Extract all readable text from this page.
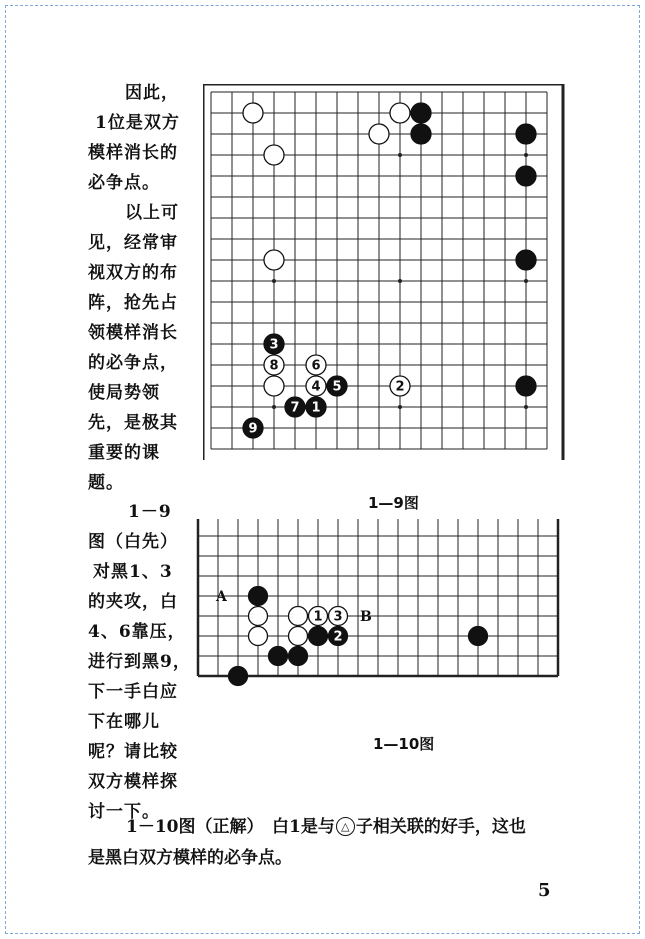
因此，
1位是双方
模样消长的
必争点。
以上可
见，经常审
视双方的布
阵，抢先占
领模样消长
的必争点，
使局势领
先，是极其
重要的课
题。
1－9
图（白先）
对黑1、3
的夹攻，白
4、6靠压，
进行到黑9，
下一手白应
下在哪儿
呢？请比较
双方模样探
讨一下。
3
8	6
4 5	2
7 1
9
1—9图
1 3
2
A
B
1—10图
1－10图（正解）　白1是与 △ 子相关联的好手，这也
是黑白双方模样的必争点。
5
